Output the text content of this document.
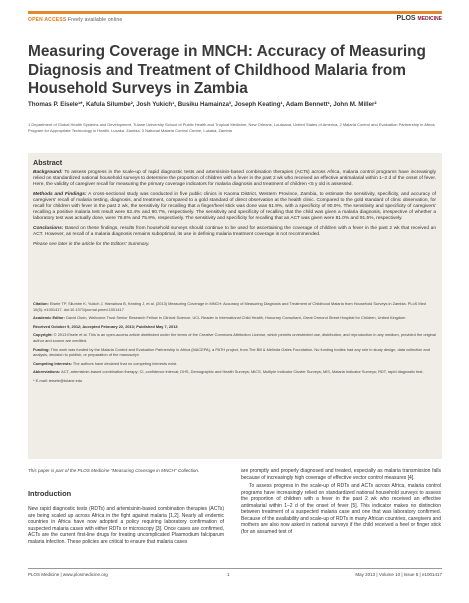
OPEN ACCESS Freely available online	PLOS MEDICINE
Measuring Coverage in MNCH: Accuracy of Measuring Diagnosis and Treatment of Childhood Malaria from Household Surveys in Zambia
Thomas P. Eisele¹*, Kafula Silumbe², Josh Yukich¹, Busiku Hamainza³, Joseph Keating¹, Adam Bennett¹, John M. Miller²
1 Department of Global Health Systems and Development, Tulane University School of Public Health and Tropical Medicine, New Orleans, Louisiana, United States of America, 2 Malaria Control and Evaluation Partnership in Africa, Program for Appropriate Technology in Health, Lusaka, Zambia, 3 National Malaria Control Centre, Lusaka, Zambia
Abstract

Background: To assess progress in the scale-up of rapid diagnostic tests and artemisinin-based combination therapies (ACTs) across Africa, malaria control programs have increasingly relied on standardized national household surveys to determine the proportion of children with a fever in the past 2 wk who received an effective antimalarial within 1–2 d of the onset of fever. Here, the validity of caregiver recall for measuring the primary coverage indicators for malaria diagnosis and treatment of children <5 y old is assessed.

Methods and Findings: A cross-sectional study was conducted in five public clinics in Kaoma District, Western Province, Zambia, to estimate the sensitivity, specificity, and accuracy of caregivers' recall of malaria testing, diagnosis, and treatment, compared to a gold standard of direct observation at the health clinic. Compared to the gold standard of clinic observation, for recall for children with fever in the past 2 wk, the sensitivity for recalling that a finger/heel stick was done was 61.9%, with a specificity of 90.0%. The sensitivity and specificity of caregivers' recalling a positive malaria test result were 62.4% and 90.7%, respectively. The sensitivity and specificity of recalling that the child was given a malaria diagnosis, irrespective of whether a laboratory test was actually done, were 76.8% and 75.9%, respectively. The sensitivity and specificity for recalling that an ACT was given were 81.0% and 91.5%, respectively.

Conclusions: Based on these findings, results from household surveys should continue to be used for ascertaining the coverage of children with a fever in the past 2 wk that received an ACT. However, as recall of a malaria diagnosis remains suboptimal, its use in defining malaria treatment coverage is not recommended.

Please see later in the article for the Editors' Summary.

Citation: Eisele TP, Silumbe K, Yukich J, Hamainza B, Keating J, et al. (2013) Measuring Coverage in MNCH: Accuracy of Measuring Diagnosis and Treatment of Childhood Malaria from Household Surveys in Zambia. PLoS Med 10(5): e1001417. doi:10.1371/journal.pmed.1001417

Academic Editor: David Osrin, Wellcome Trust Senior Research Fellow in Clinical Science, UCL Reader in International Child Health, Honorary Consultant, Great Ormond Street Hospital for Children, United Kingdom

Received October 9, 2012; Accepted February 22, 2013; Published May 7, 2013

Copyright: © 2013 Eisele et al. This is an open-access article distributed under the terms of the Creative Commons Attribution License, which permits unrestricted use, distribution, and reproduction in any medium, provided the original author and source are credited.

Funding: This work was funded by the Malaria Control and Evaluation Partnership in Africa (MACEPA), a PATH project, from The Bill & Melinda Gates Foundation. No funding bodies had any role in study design, data collection and analysis, decision to publish, or preparation of the manuscript.

Competing Interests: The authors have declared that no competing interests exist.

Abbreviations: ACT, artemisinin-based combination therapy; CI, confidence interval; DHS, Demographic and Health Surveys; MICS, Multiple Indicator Cluster Surveys; MIS, Malaria Indicator Surveys; RDT, rapid diagnostic test.

* E-mail: teisele@tulane.edu

This paper is part of the PLOS Medicine "Measuring Coverage in MNCH" Collection.

Introduction

New rapid diagnostic tests (RDTs) and artemisinin-based combination therapies (ACTs) are being scaled up across Africa in the fight against malaria [1,2]. Nearly all endemic countries in Africa have now adopted a policy requiring laboratory confirmation of suspected malaria cases with either RDTs or microscopy [3]. Once cases are confirmed, ACTs are the current first-line drugs for treating uncomplicated Plasmodium falciparum malaria infection. These policies are critical to ensure that malaria cases

are promptly and properly diagnosed and treated, especially as malaria transmission falls because of increasingly high coverage of effective vector control measures [4].

To assess progress in the scale-up of RDTs and ACTs across Africa, malaria control programs have increasingly relied on standardized national household surveys to assess the proportion of children with a fever in the past 2 wk who received an effective antimalarial within 1–2 d of the onset of fever [5]. This indicator makes no distinction between treatment of a suspected malaria case and one that was laboratory confirmed. Because of the availability and scale-up of RDTs in many African countries, caregivers and mothers are also now asked in national surveys if the child received a heel or finger stick (for an assumed test of

PLOS Medicine | www.plosmedicine.org	1	May 2013 | Volume 10 | Issue 5 | e1001417
